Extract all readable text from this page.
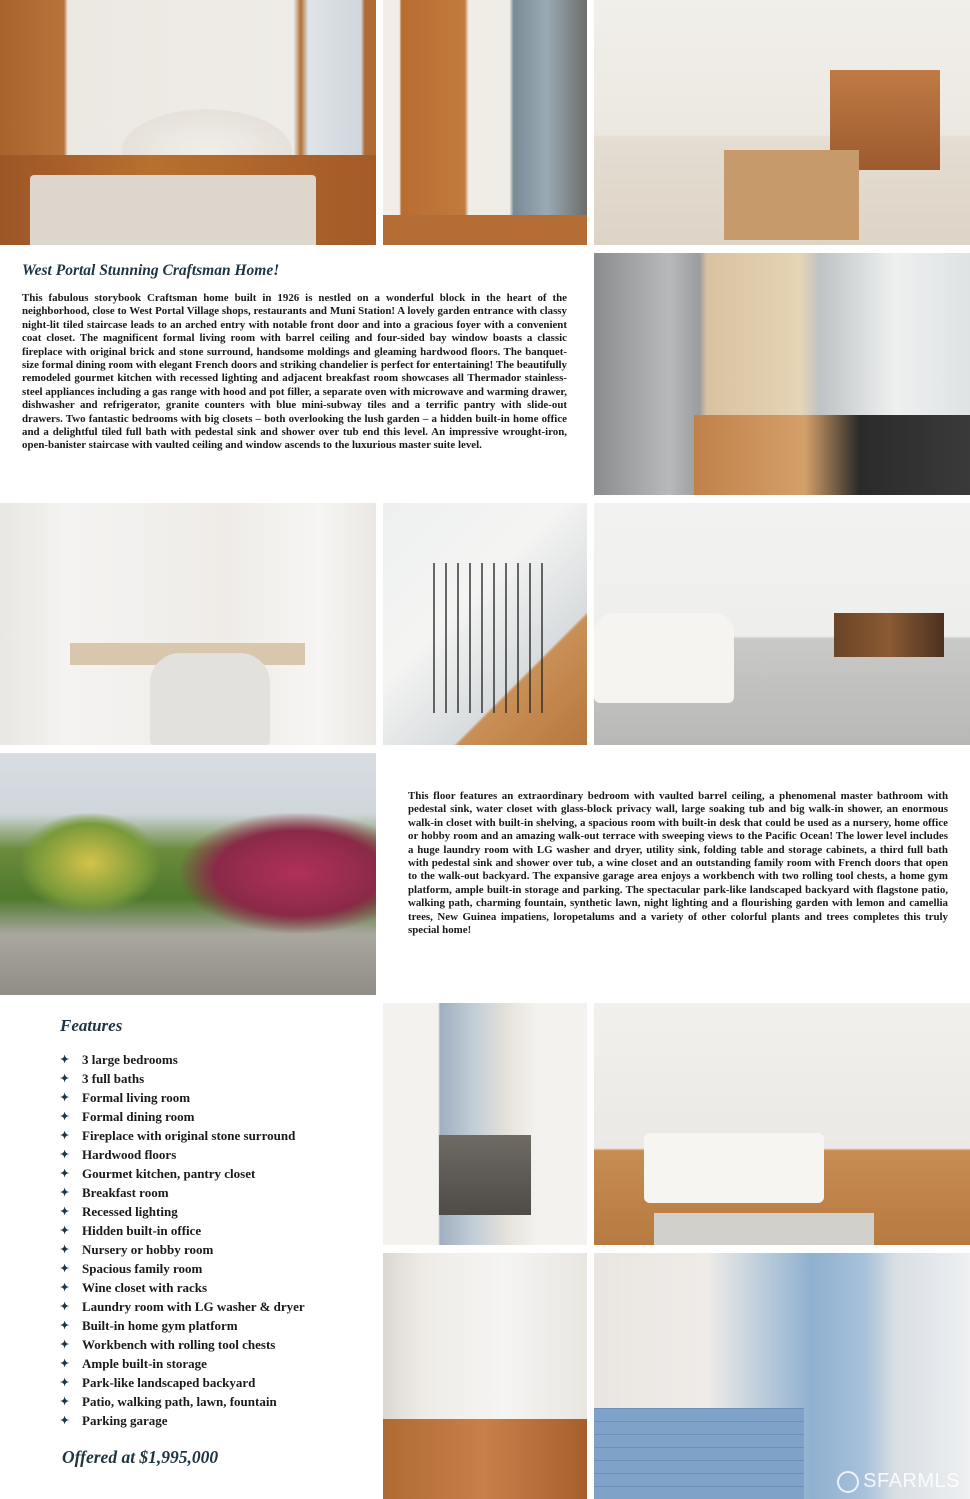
West Portal Stunning Craftsman Home!
This fabulous storybook Craftsman home built in 1926 is nestled on a wonderful block in the heart of the neighborhood, close to West Portal Village shops, restaurants and Muni Station! A lovely garden entrance with classy night-lit tiled staircase leads to an arched entry with notable front door and into a gracious foyer with a convenient coat closet. The magnificent formal living room with barrel ceiling and four-sided bay window boasts a classic fireplace with original brick and stone surround, handsome moldings and gleaming hardwood floors. The banquet-size formal dining room with elegant French doors and striking chandelier is perfect for entertaining! The beautifully remodeled gourmet kitchen with recessed lighting and adjacent breakfast room showcases all Thermador stainless-steel appliances including a gas range with hood and pot filler, a separate oven with microwave and warming drawer, dishwasher and refrigerator, granite counters with blue mini-subway tiles and a terrific pantry with slide-out drawers. Two fantastic bedrooms with big closets – both overlooking the lush garden – a hidden built-in home office and a delightful tiled full bath with pedestal sink and shower over tub end this level. An impressive wrought-iron, open-banister staircase with vaulted ceiling and window ascends to the luxurious master suite level.
This floor features an extraordinary bedroom with vaulted barrel ceiling, a phenomenal master bathroom with pedestal sink, water closet with glass-block privacy wall, large soaking tub and big walk-in shower, an enormous walk-in closet with built-in shelving, a spacious room with built-in desk that could be used as a nursery, home office or hobby room and an amazing walk-out terrace with sweeping views to the Pacific Ocean! The lower level includes a huge laundry room with LG washer and dryer, utility sink, folding table and storage cabinets, a third full bath with pedestal sink and shower over tub, a wine closet and an outstanding family room with French doors that open to the walk-out backyard. The expansive garage area enjoys a workbench with two rolling tool chests, a home gym platform, ample built-in storage and parking. The spectacular park-like landscaped backyard with flagstone patio, walking path, charming fountain, synthetic lawn, night lighting and a flourishing garden with lemon and camellia trees, New Guinea impatiens, loropetalums and a variety of other colorful plants and trees completes this truly special home!
Features
✦ 3 large bedrooms
✦ 3 full baths
✦ Formal living room
✦ Formal dining room
✦ Fireplace with original stone surround
✦ Hardwood floors
✦ Gourmet kitchen, pantry closet
✦ Breakfast room
✦ Recessed lighting
✦ Hidden built-in office
✦ Nursery or hobby room
✦ Spacious family room
✦ Wine closet with racks
✦ Laundry room with LG washer & dryer
✦ Built-in home gym platform
✦ Workbench with rolling tool chests
✦ Ample built-in storage
✦ Park-like landscaped backyard
✦ Patio, walking path, lawn, fountain
✦ Parking garage
Offered at $1,995,000
SFARMLS
